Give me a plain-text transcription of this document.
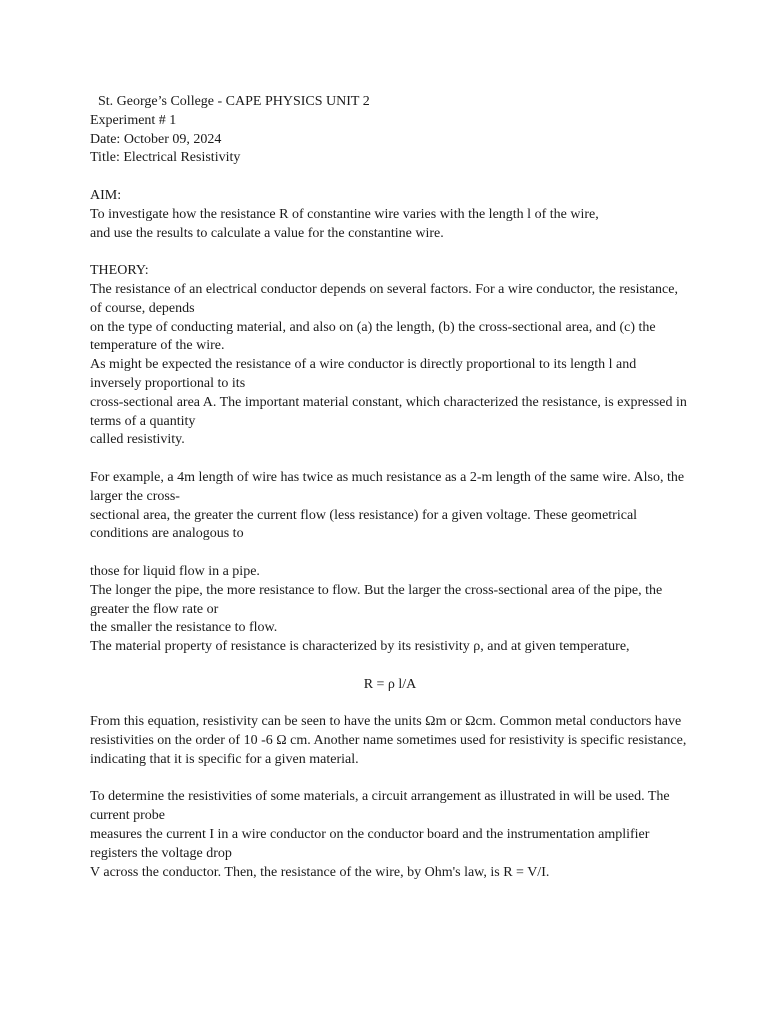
St. George’s College - CAPE PHYSICS UNIT 2
Experiment # 1
Date: October 09, 2024
Title: Electrical Resistivity
AIM:
To investigate how the resistance R of constantine wire varies with the length l of the wire,
and use the results to calculate a value for the constantine wire.
THEORY:
The resistance of an electrical conductor depends on several factors. For a wire conductor, the resistance, of course, depends
on the type of conducting material, and also on (a) the length, (b) the cross-sectional area, and (c) the temperature of the wire.
As might be expected the resistance of a wire conductor is directly proportional to its length l and inversely proportional to its
cross-sectional area A. The important material constant, which characterized the resistance, is expressed in terms of a quantity
called resistivity.
For example, a 4m length of wire has twice as much resistance as a 2-m length of the same wire. Also, the larger the cross-
sectional area, the greater the current flow (less resistance) for a given voltage. These geometrical conditions are analogous to
those for liquid flow in a pipe.
The longer the pipe, the more resistance to flow. But the larger the cross-sectional area of the pipe, the greater the flow rate or
the smaller the resistance to flow.
The material property of resistance is characterized by its resistivity ρ, and at given temperature,
R = ρ l/A
From this equation, resistivity can be seen to have the units Ωm or Ωcm. Common metal conductors have resistivities on the order of 10 -6 Ω cm. Another name sometimes used for resistivity is specific resistance, indicating that it is specific for a given material.
To determine the resistivities of some materials, a circuit arrangement as illustrated in will be used. The current probe
measures the current I in a wire conductor on the conductor board and the instrumentation amplifier registers the voltage drop
V across the conductor. Then, the resistance of the wire, by Ohm's law, is R = V/I.
